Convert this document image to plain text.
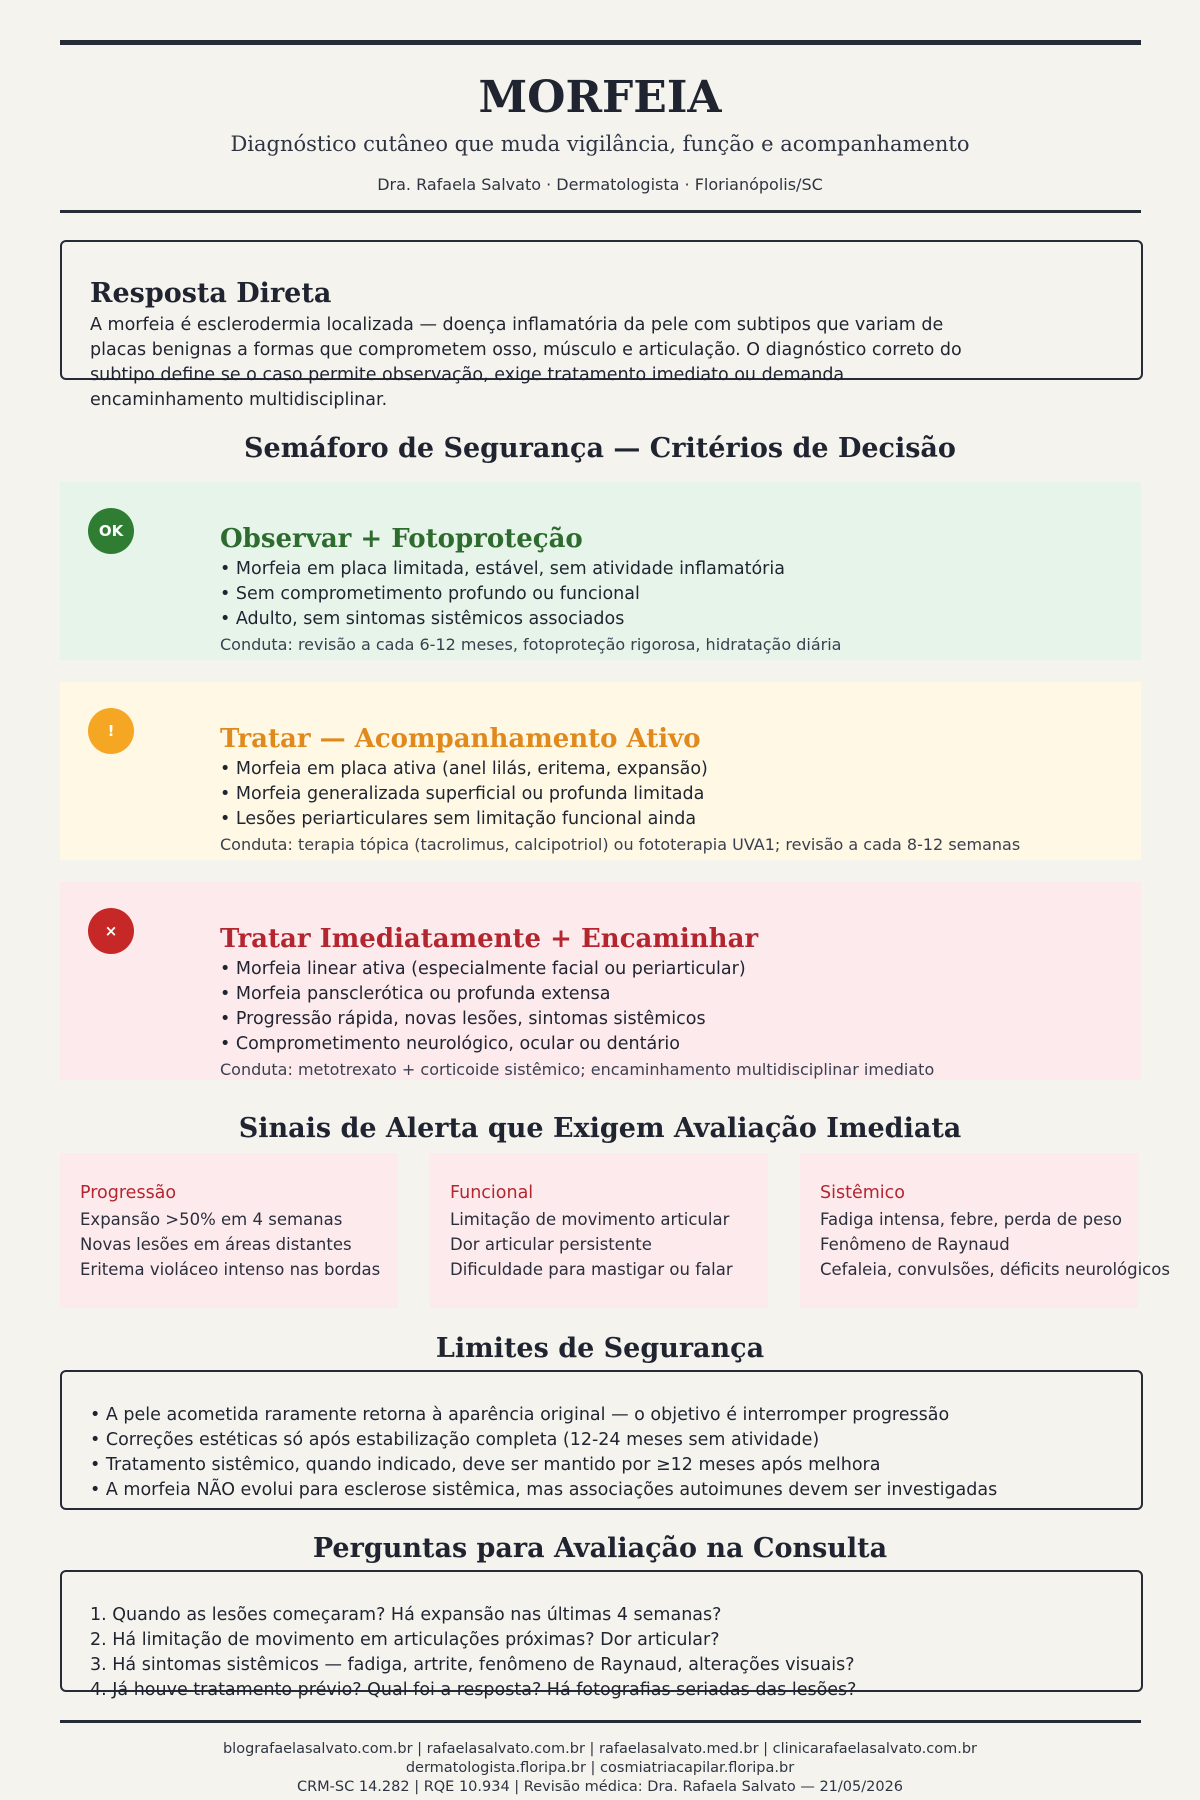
MORFEIA
Diagnóstico cutâneo que muda vigilância, função e acompanhamento
Dra. Rafaela Salvato · Dermatologista · Florianópolis/SC
Resposta Direta
A morfeia é esclerodermia localizada — doença inflamatória da pele com subtipos que variam de placas benignas a formas que comprometem osso, músculo e articulação. O diagnóstico correto do subtipo define se o caso permite observação, exige tratamento imediato ou demanda encaminhamento multidisciplinar.
Semáforo de Segurança — Critérios de Decisão
OK	Observar + Fotoproteção
• Morfeia em placa limitada, estável, sem atividade inflamatória
• Sem comprometimento profundo ou funcional
• Adulto, sem sintomas sistêmicos associados
Conduta: revisão a cada 6-12 meses, fotoproteção rigorosa, hidratação diária
!	Tratar — Acompanhamento Ativo
• Morfeia em placa ativa (anel lilás, eritema, expansão)
• Morfeia generalizada superficial ou profunda limitada
• Lesões periarticulares sem limitação funcional ainda
Conduta: terapia tópica (tacrolimus, calcipotriol) ou fototerapia UVA1; revisão a cada 8-12 semanas
×	Tratar Imediatamente + Encaminhar
• Morfeia linear ativa (especialmente facial ou periarticular)
• Morfeia pansclerótica ou profunda extensa
• Progressão rápida, novas lesões, sintomas sistêmicos
• Comprometimento neurológico, ocular ou dentário
Conduta: metotrexato + corticoide sistêmico; encaminhamento multidisciplinar imediato
Sinais de Alerta que Exigem Avaliação Imediata
Progressão
Expansão >50% em 4 semanas
Novas lesões em áreas distantes
Eritema violáceo intenso nas bordas
Funcional
Limitação de movimento articular
Dor articular persistente
Dificuldade para mastigar ou falar
Sistêmico
Fadiga intensa, febre, perda de peso
Fenômeno de Raynaud
Cefaleia, convulsões, déficits neurológicos
Limites de Segurança
• A pele acometida raramente retorna à aparência original — o objetivo é interromper progressão
• Correções estéticas só após estabilização completa (12-24 meses sem atividade)
• Tratamento sistêmico, quando indicado, deve ser mantido por ≥12 meses após melhora
• A morfeia NÃO evolui para esclerose sistêmica, mas associações autoimunes devem ser investigadas
Perguntas para Avaliação na Consulta
1. Quando as lesões começaram? Há expansão nas últimas 4 semanas?
2. Há limitação de movimento em articulações próximas? Dor articular?
3. Há sintomas sistêmicos — fadiga, artrite, fenômeno de Raynaud, alterações visuais?
4. Já houve tratamento prévio? Qual foi a resposta? Há fotografias seriadas das lesões?
blografaelasalvato.com.br | rafaelasalvato.com.br | rafaelasalvato.med.br | clinicarafaelasalvato.com.br
dermatologista.floripa.br | cosmiatriacapilar.floripa.br
CRM-SC 14.282 | RQE 10.934 | Revisão médica: Dra. Rafaela Salvato — 21/05/2026
